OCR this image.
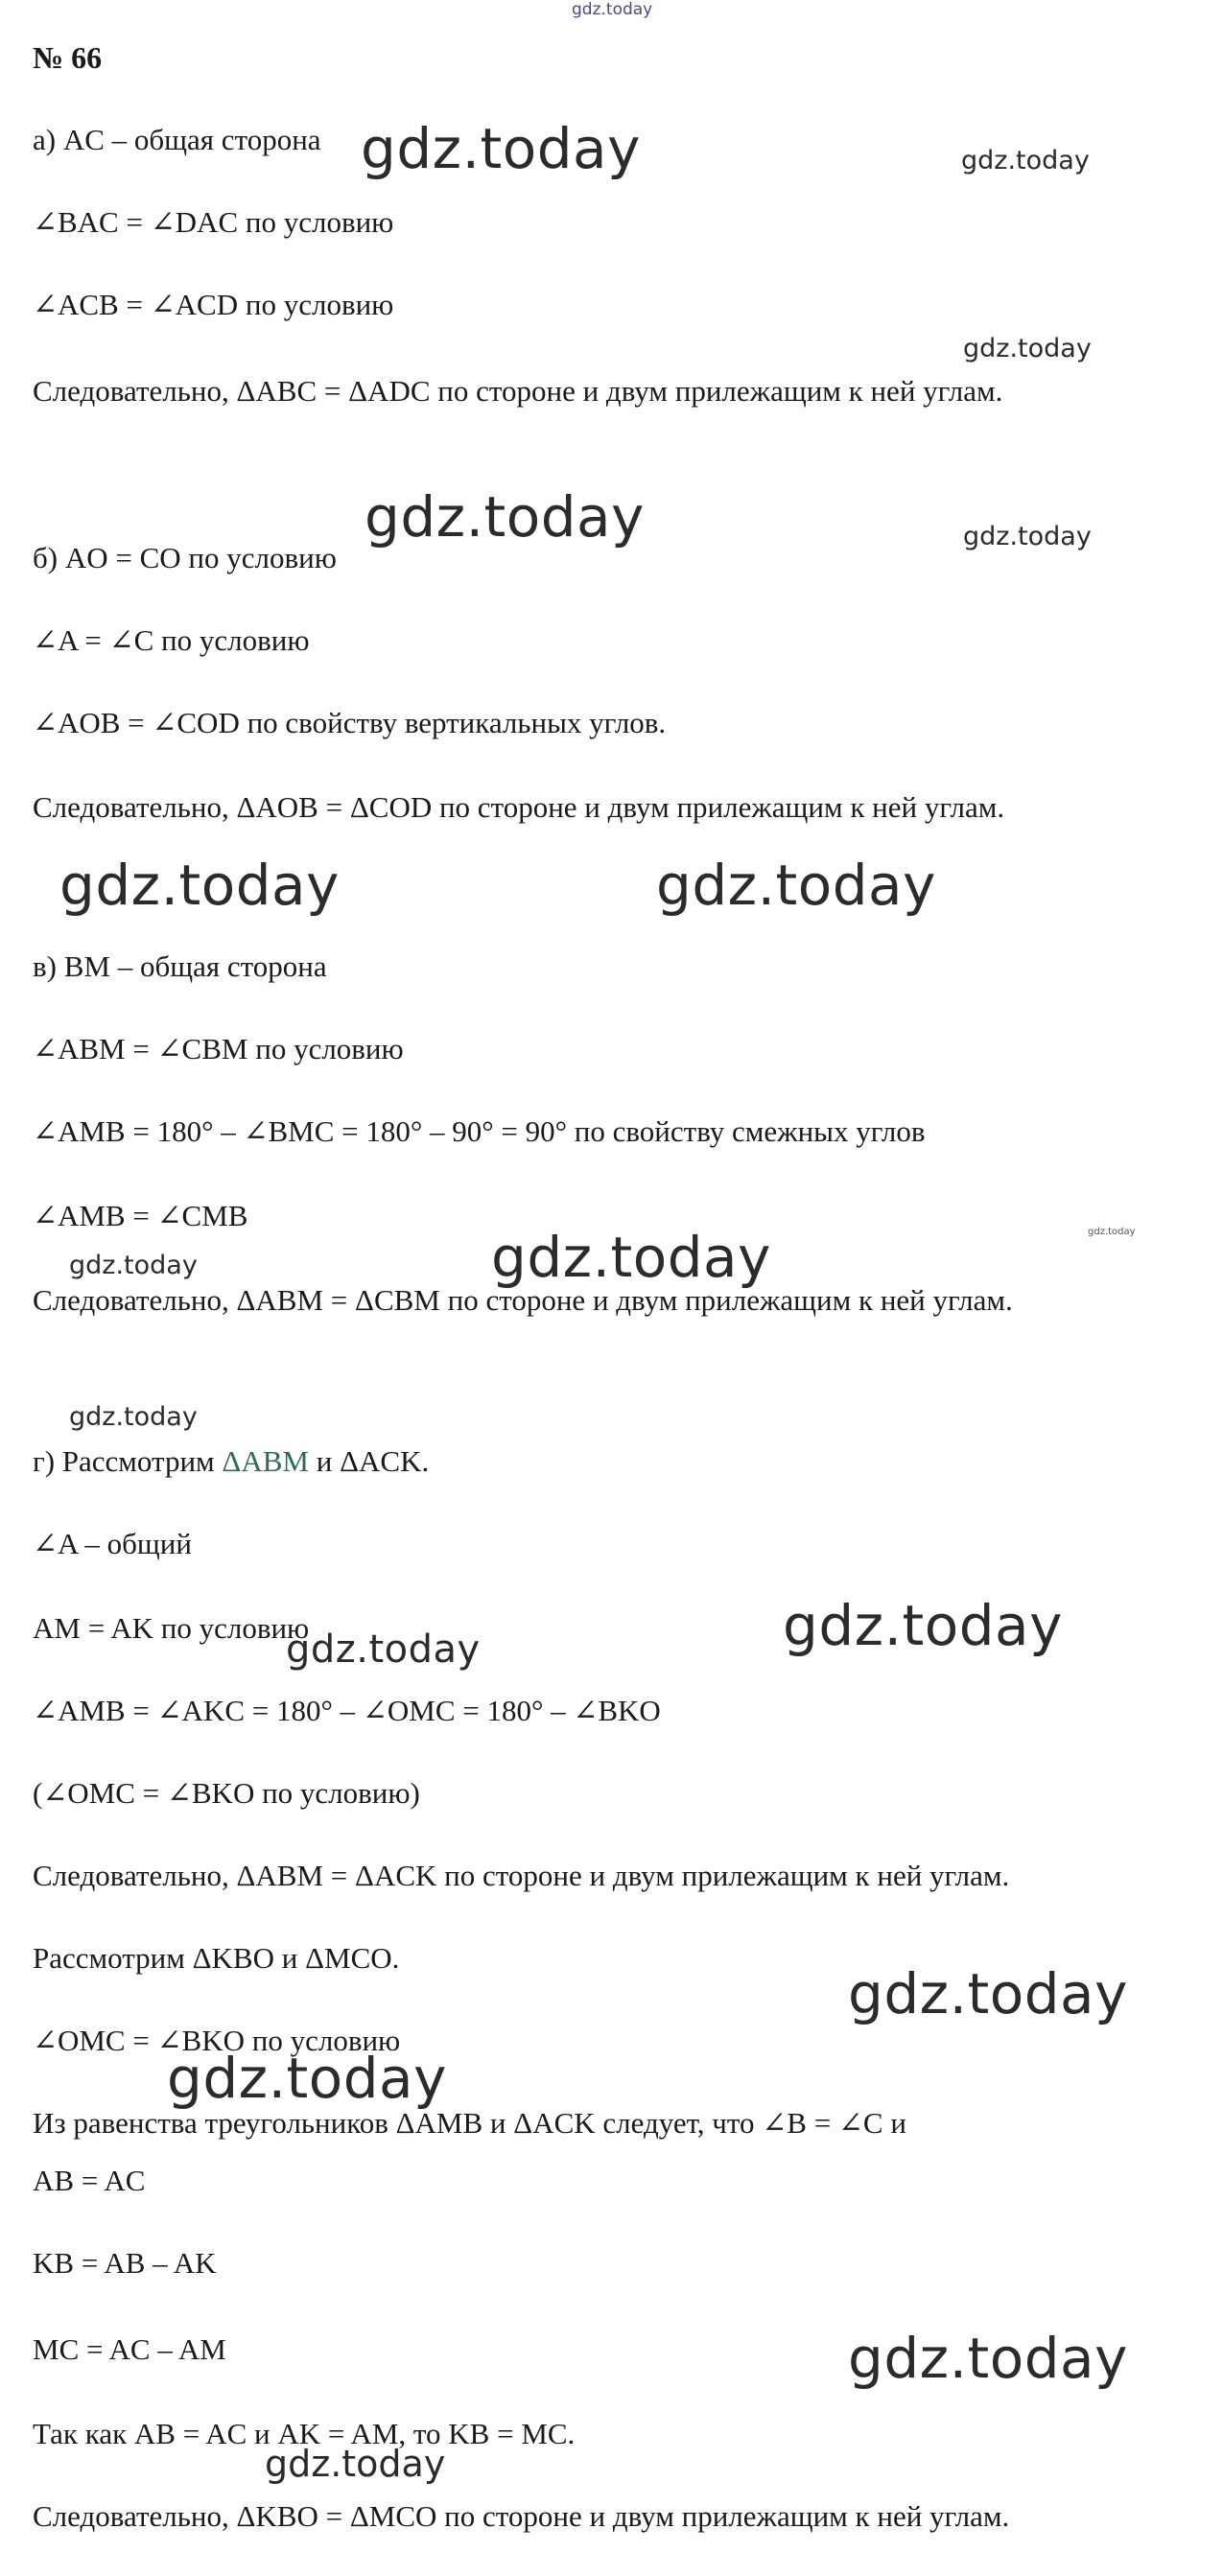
gdz.today
№ 66
а) AC – общая сторона
∠BAC = ∠DAC по условию
∠ACB = ∠ACD по условию
Следовательно, ΔABC = ΔADC по стороне и двум прилежащим к ней углам.
б) AO = CO по условию
∠A = ∠C по условию
∠AOB = ∠COD по свойству вертикальных углов.
Следовательно, ΔAOB = ΔCOD по стороне и двум прилежащим к ней углам.
в) BM – общая сторона
∠ABM = ∠CBM по условию
∠AMB = 180° – ∠BMC = 180° – 90° = 90° по свойству смежных углов
∠AMB = ∠CMB
Следовательно, ΔABM = ΔCBM по стороне и двум прилежащим к ней углам.
г) Рассмотрим ΔABM и ΔACK.
∠A – общий
AM = AK по условию
∠AMB = ∠AKC = 180° – ∠OMC = 180° – ∠BKO
(∠OMC = ∠BKO по условию)
Следовательно, ΔABM = ΔACK по стороне и двум прилежащим к ней углам.
Рассмотрим ΔKBO и ΔMCO.
∠OMC = ∠BKO по условию
Из равенства треугольников ΔAMB и ΔACK следует, что ∠B = ∠C и
AB = AC
KB = AB – AK
MC = AC – AM
Так как AB = AC и AK = AM, то KB = MC.
Следовательно, ΔKBO = ΔMCO по стороне и двум прилежащим к ней углам.
gdz.today	gdz.today
gdz.today
gdz.today	gdz.today
gdz.today	gdz.today
gdz.today
gdz.today	gdz.today
gdz.today
gdz.today
gdz.today
gdz.today
gdz.today
gdz.today
gdz.today
